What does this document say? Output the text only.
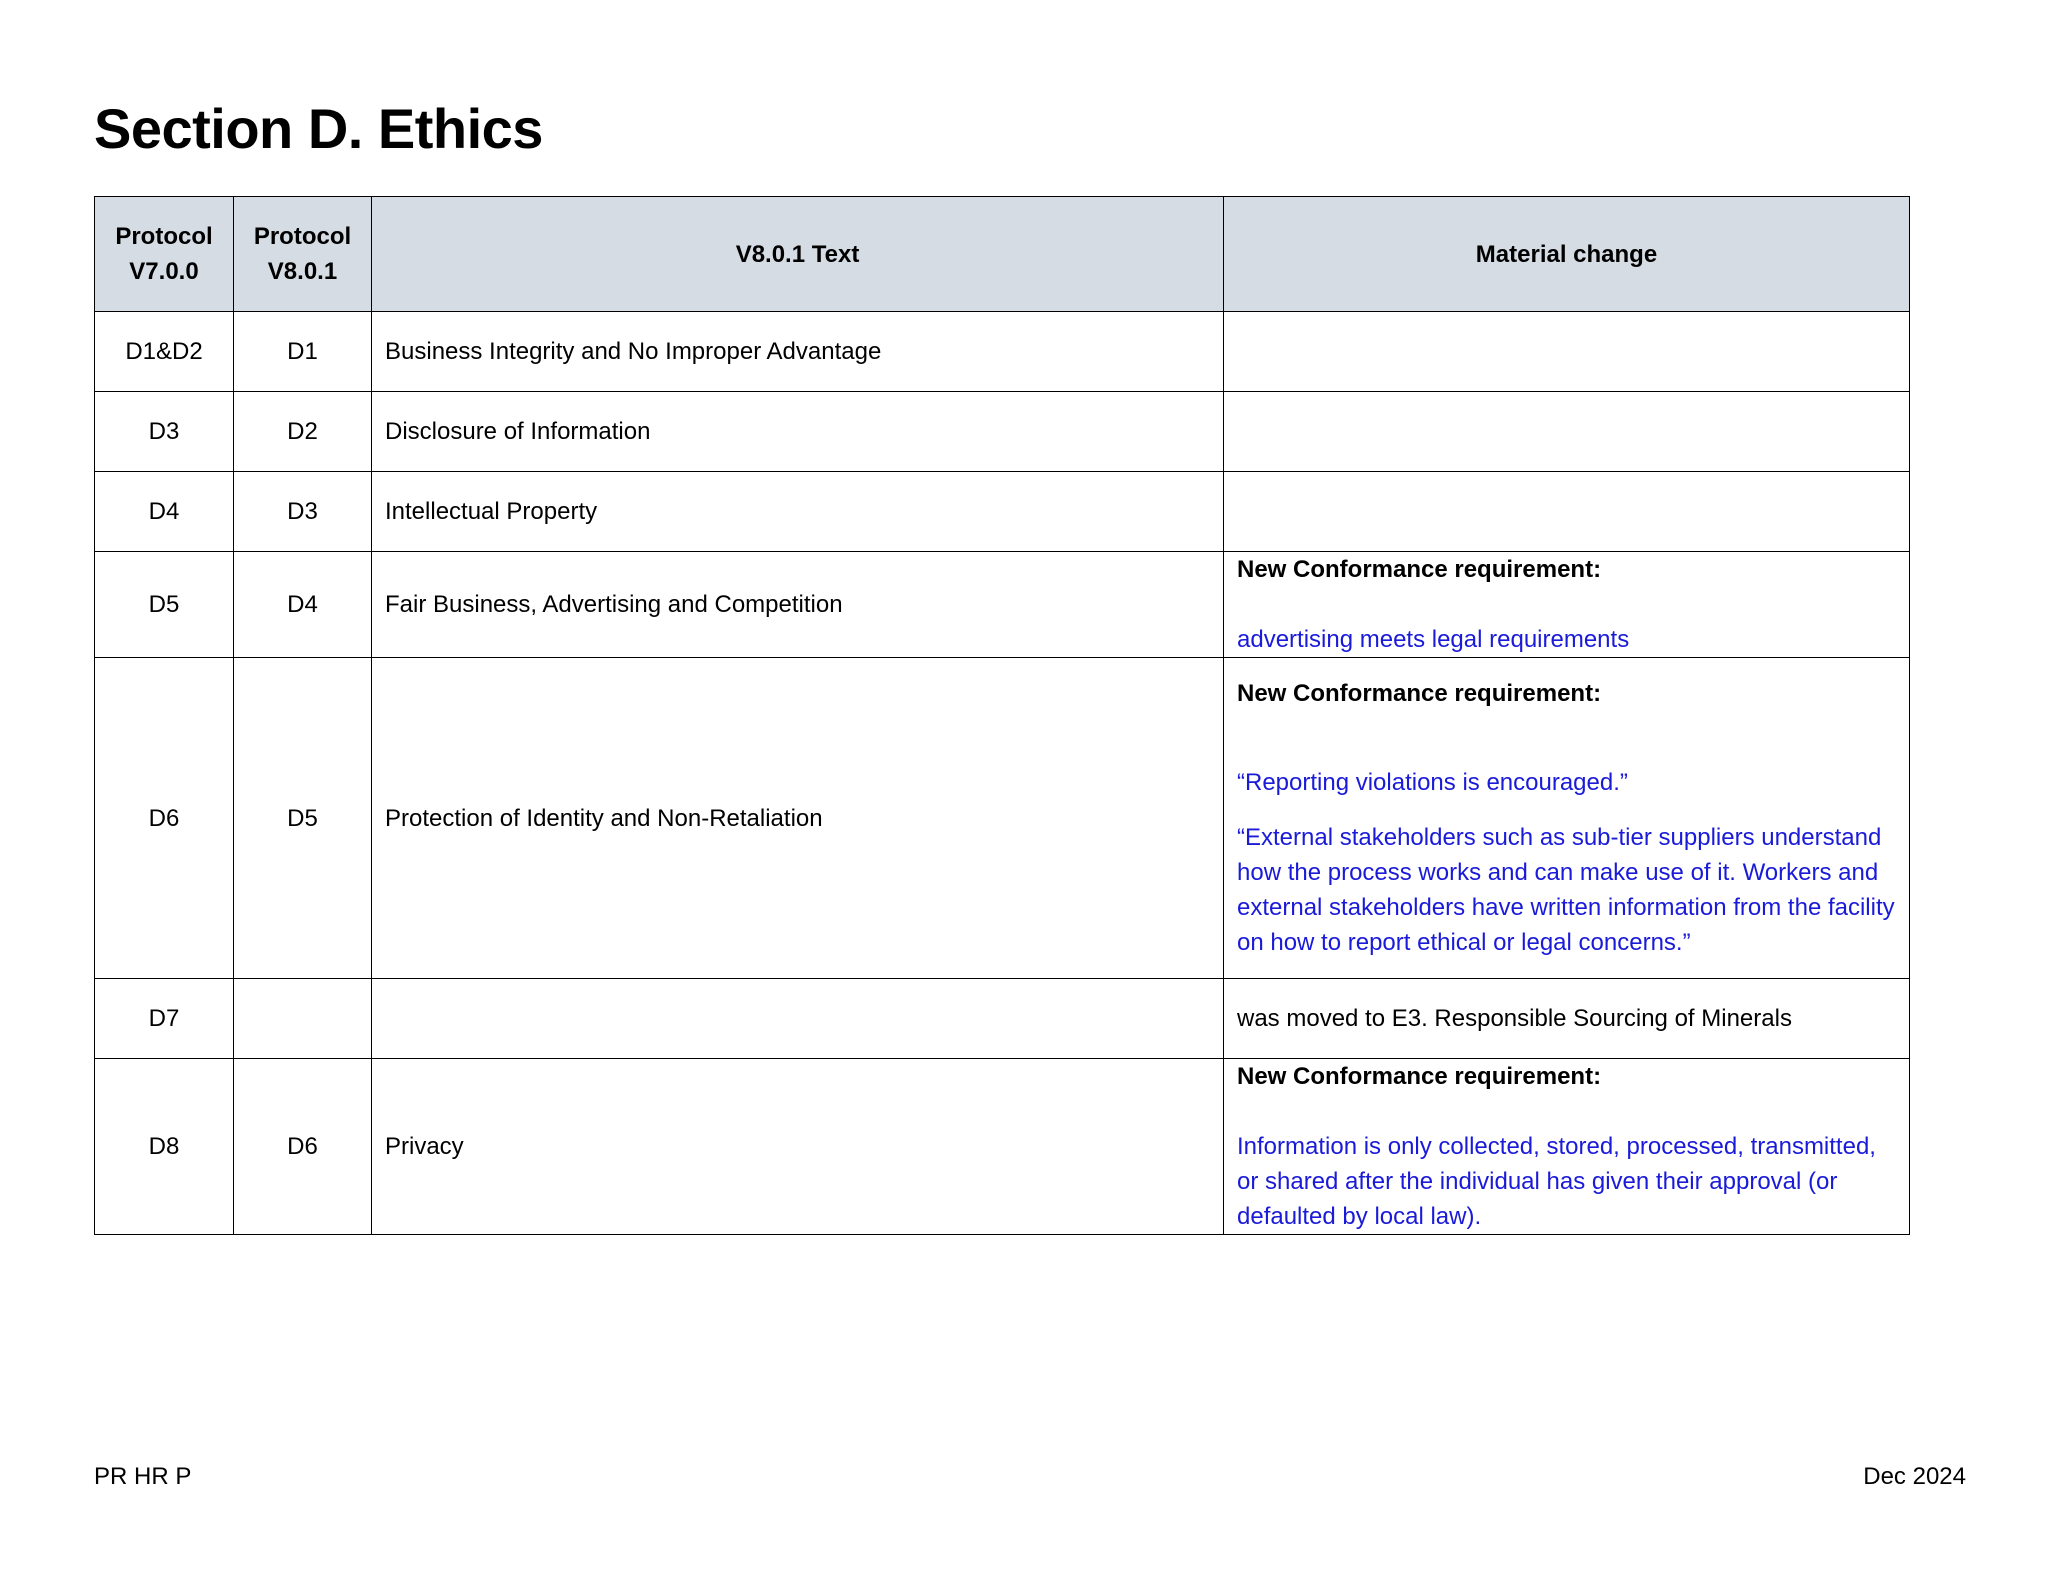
Section D. Ethics
Protocol V7.0.0	Protocol V8.0.1	V8.0.1 Text	Material change
D1&D2	D1	Business Integrity and No Improper Advantage	
D3	D2	Disclosure of Information	
D4	D3	Intellectual Property	
D5	D4	Fair Business, Advertising and Competition	New Conformance requirement:
advertising meets legal requirements

D6	D5	Protection of Identity and Non-Retaliation	New Conformance requirement:
“Reporting violations is encouraged.”
“External stakeholders such as sub-tier suppliers understand how the process works and can make use of it. Workers and external stakeholders have written information from the facility on how to report ethical or legal concerns.”

D7			was moved to E3. Responsible Sourcing of Minerals
D8	D6	Privacy	New Conformance requirement:
Information is only collected, stored, processed, transmitted, or shared after the individual has given their approval (or defaulted by local law).
PR HR P	Dec 2024
